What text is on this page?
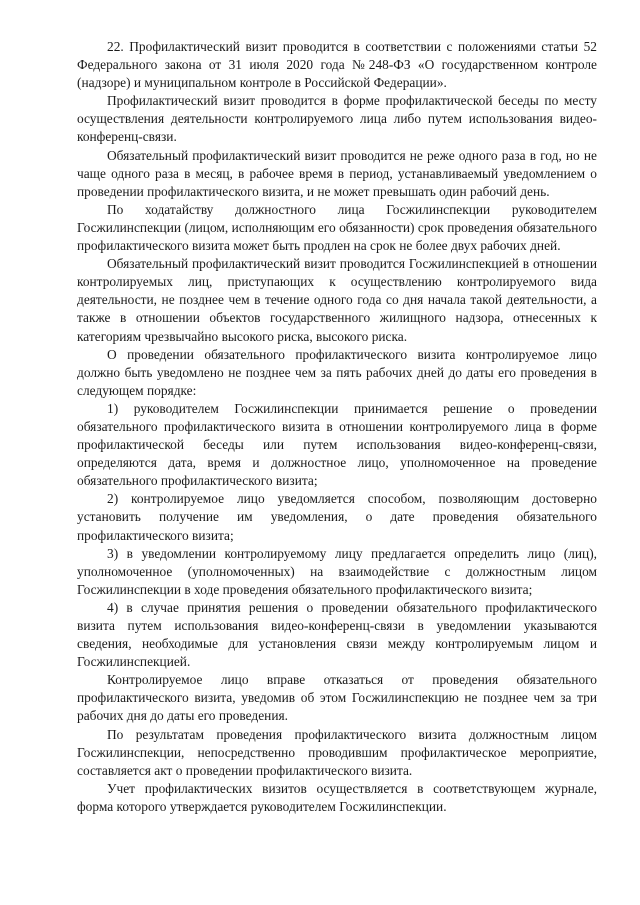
22. Профилактический визит проводится в соответствии с положениями статьи 52 Федерального закона от 31 июля 2020 года №248-ФЗ «О государственном контроле (надзоре) и муниципальном контроле в Российской Федерации».

Профилактический визит проводится в форме профилактической беседы по месту осуществления деятельности контролируемого лица либо путем использования видео-конференц-связи.

Обязательный профилактический визит проводится не реже одного раза в год, но не чаще одного раза в месяц, в рабочее время в период, устанавливаемый уведомлением о проведении профилактического визита, и не может превышать один рабочий день.

По ходатайству должностного лица Госжилинспекции руководителем Госжилинспекции (лицом, исполняющим его обязанности) срок проведения обязательного профилактического визита может быть продлен на срок не более двух рабочих дней.

Обязательный профилактический визит проводится Госжилинспекцией в отношении контролируемых лиц, приступающих к осуществлению контролируемого вида деятельности, не позднее чем в течение одного года со дня начала такой деятельности, а также в отношении объектов государственного жилищного надзора, отнесенных к категориям чрезвычайно высокого риска, высокого риска.

О проведении обязательного профилактического визита контролируемое лицо должно быть уведомлено не позднее чем за пять рабочих дней до даты его проведения в следующем порядке:

1) руководителем Госжилинспекции принимается решение о проведении обязательного профилактического визита в отношении контролируемого лица в форме профилактической беседы или путем использования видео-конференц-связи, определяются дата, время и должностное лицо, уполномоченное на проведение обязательного профилактического визита;

2) контролируемое лицо уведомляется способом, позволяющим достоверно установить получение им уведомления, о дате проведения обязательного профилактического визита;

3) в уведомлении контролируемому лицу предлагается определить лицо (лиц), уполномоченное (уполномоченных) на взаимодействие с должностным лицом Госжилинспекции в ходе проведения обязательного профилактического визита;

4) в случае принятия решения о проведении обязательного профилактического визита путем использования видео-конференц-связи в уведомлении указываются сведения, необходимые для установления связи между контролируемым лицом и Госжилинспекцией.

Контролируемое лицо вправе отказаться от проведения обязательного профилактического визита, уведомив об этом Госжилинспекцию не позднее чем за три рабочих дня до даты его проведения.

По результатам проведения профилактического визита должностным лицом Госжилинспекции, непосредственно проводившим профилактическое мероприятие, составляется акт о проведении профилактического визита.

Учет профилактических визитов осуществляется в соответствующем журнале, форма которого утверждается руководителем Госжилинспекции.
